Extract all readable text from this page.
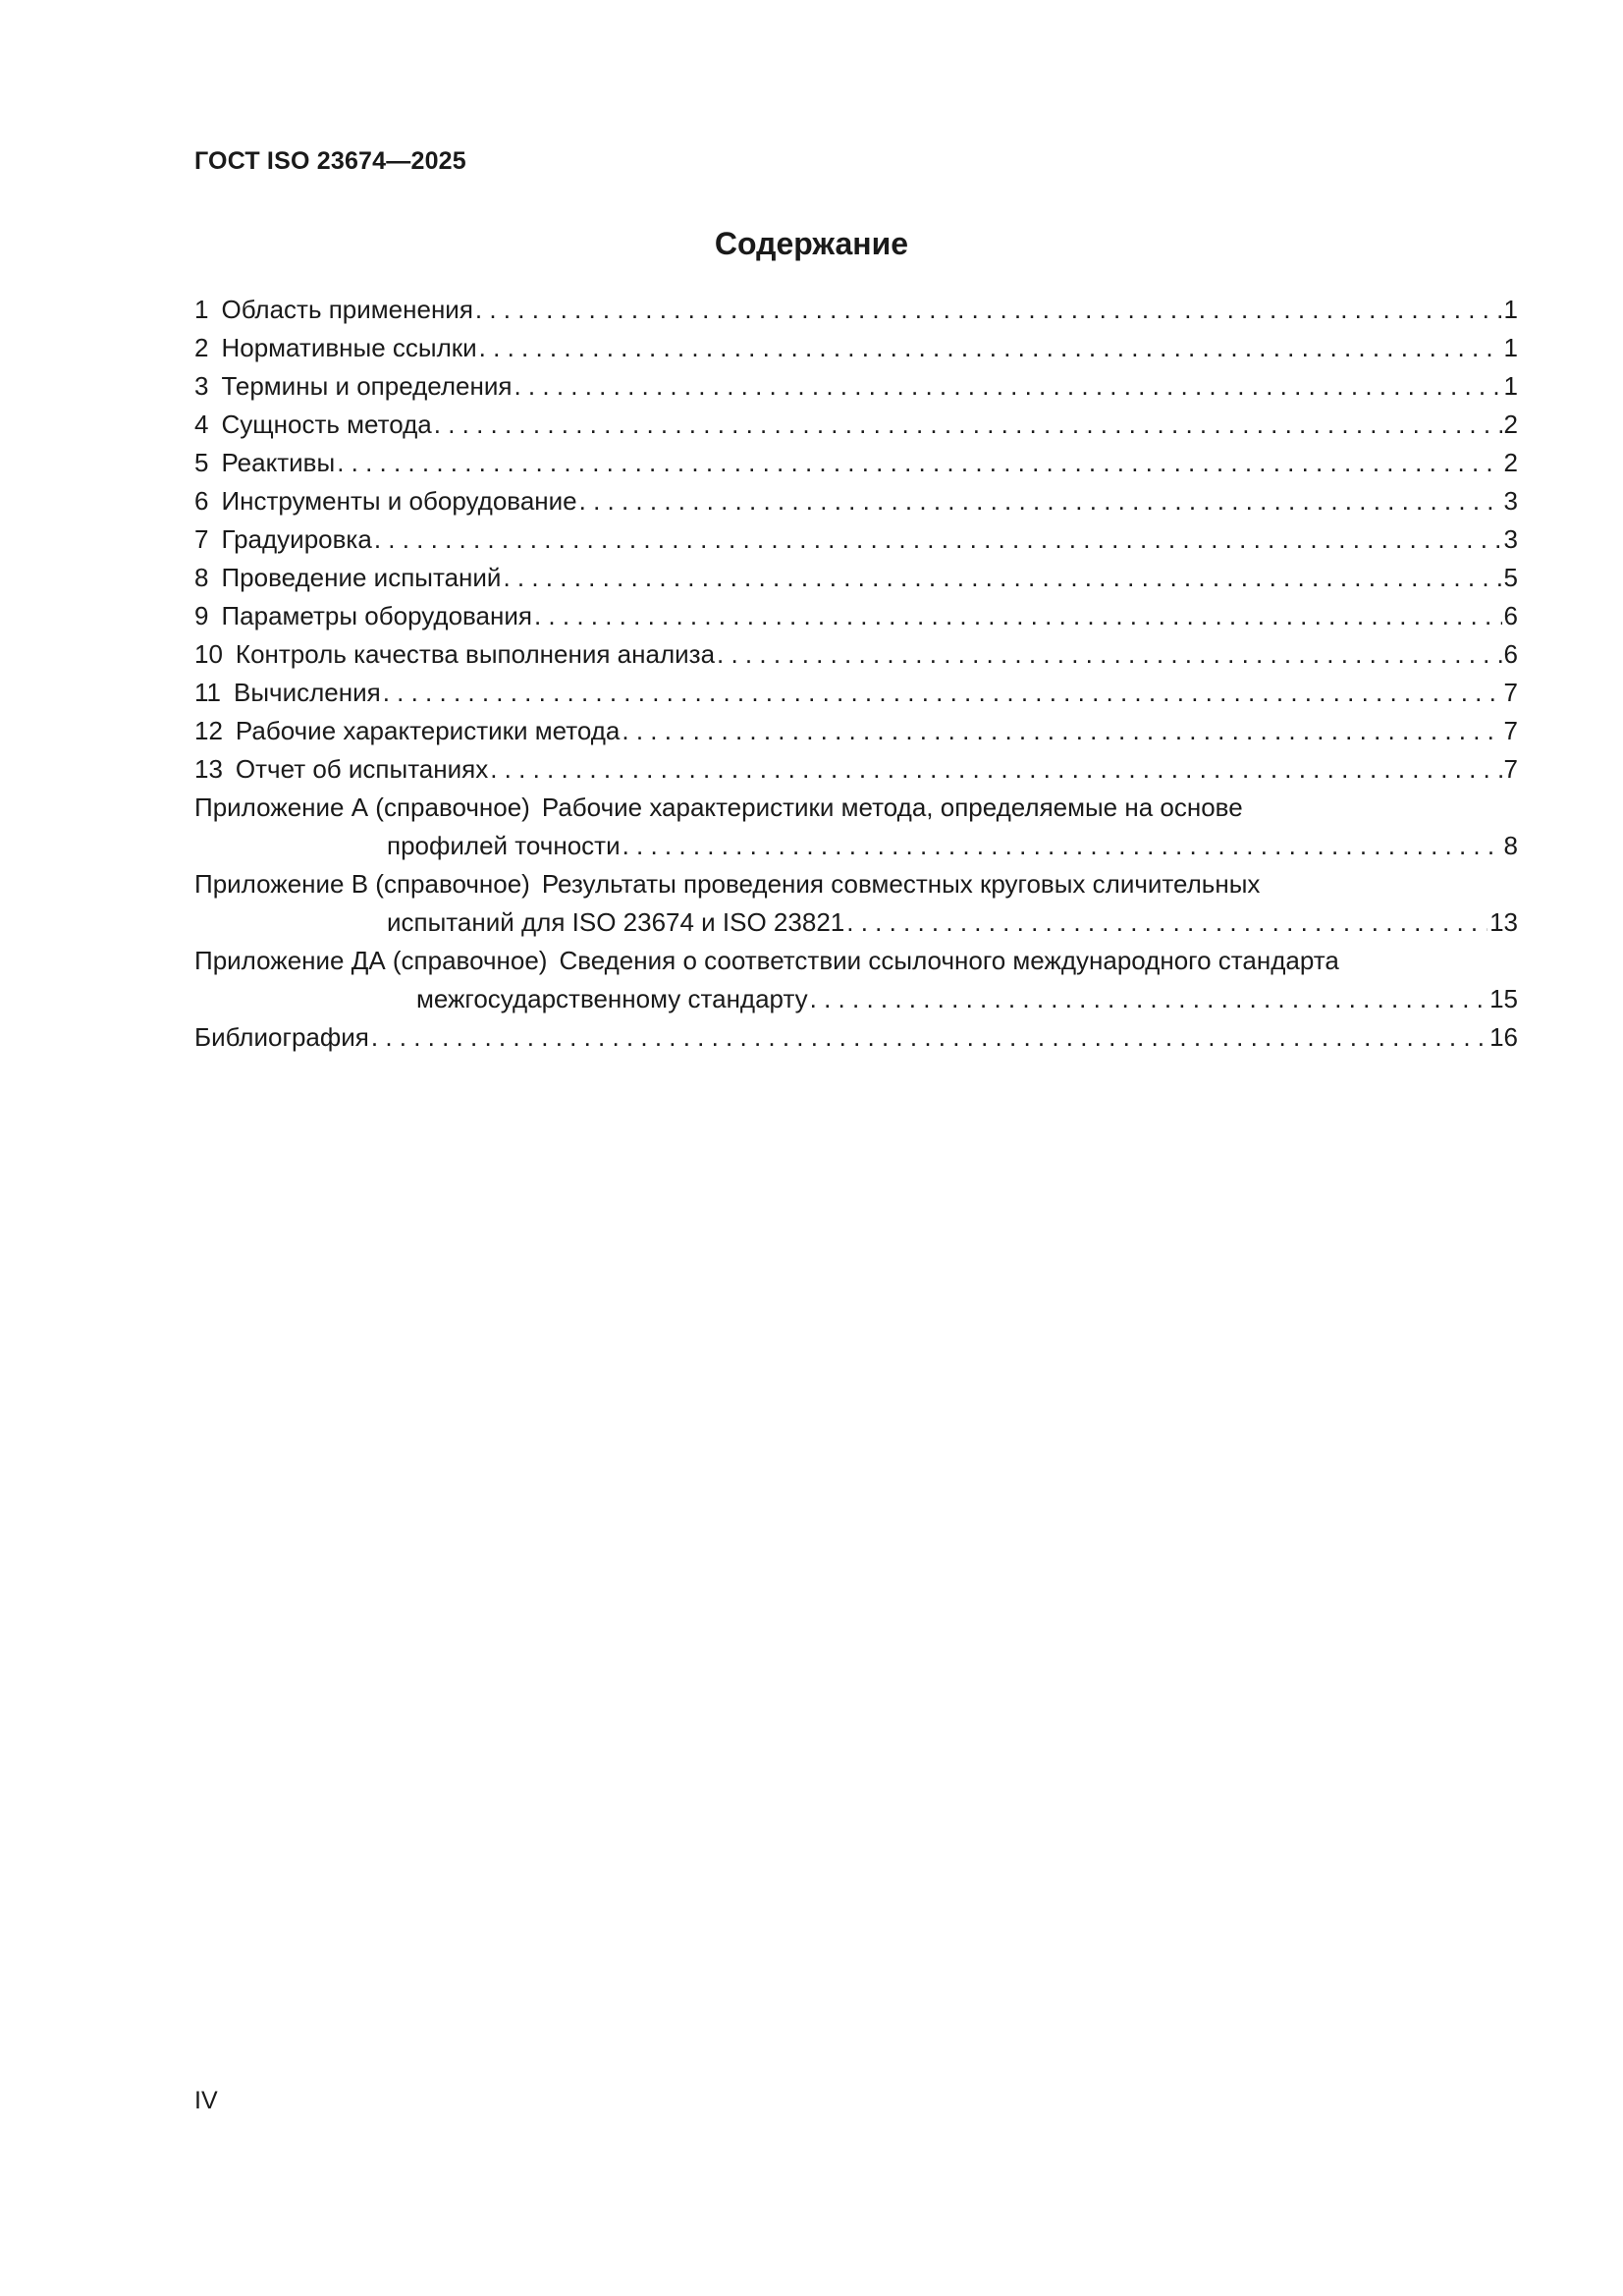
ГОСТ ISO 23674—2025
Содержание
1 Область применения . . .	1
2 Нормативные ссылки . . .	1
3 Термины и определения . . .	1
4 Сущность метода . . .	2
5 Реактивы . . .	2
6 Инструменты и оборудование . . .	3
7 Градуировка . . .	3
8 Проведение испытаний . . .	5
9 Параметры оборудования . . .	6
10 Контроль качества выполнения анализа . . .	6
11 Вычисления . . .	7
12 Рабочие характеристики метода . . .	7
13 Отчет об испытаниях . . .	7
Приложение А (справочное) Рабочие характеристики метода, определяемые на основе
профилей точности . . .	8
Приложение В (справочное) Результаты проведения совместных круговых сличительных
испытаний для ISO 23674 и ISO 23821 . . .	13
Приложение ДА (справочное) Сведения о соответствии ссылочного международного стандарта
межгосударственному стандарту . . .	15
Библиография . . .	16
IV
